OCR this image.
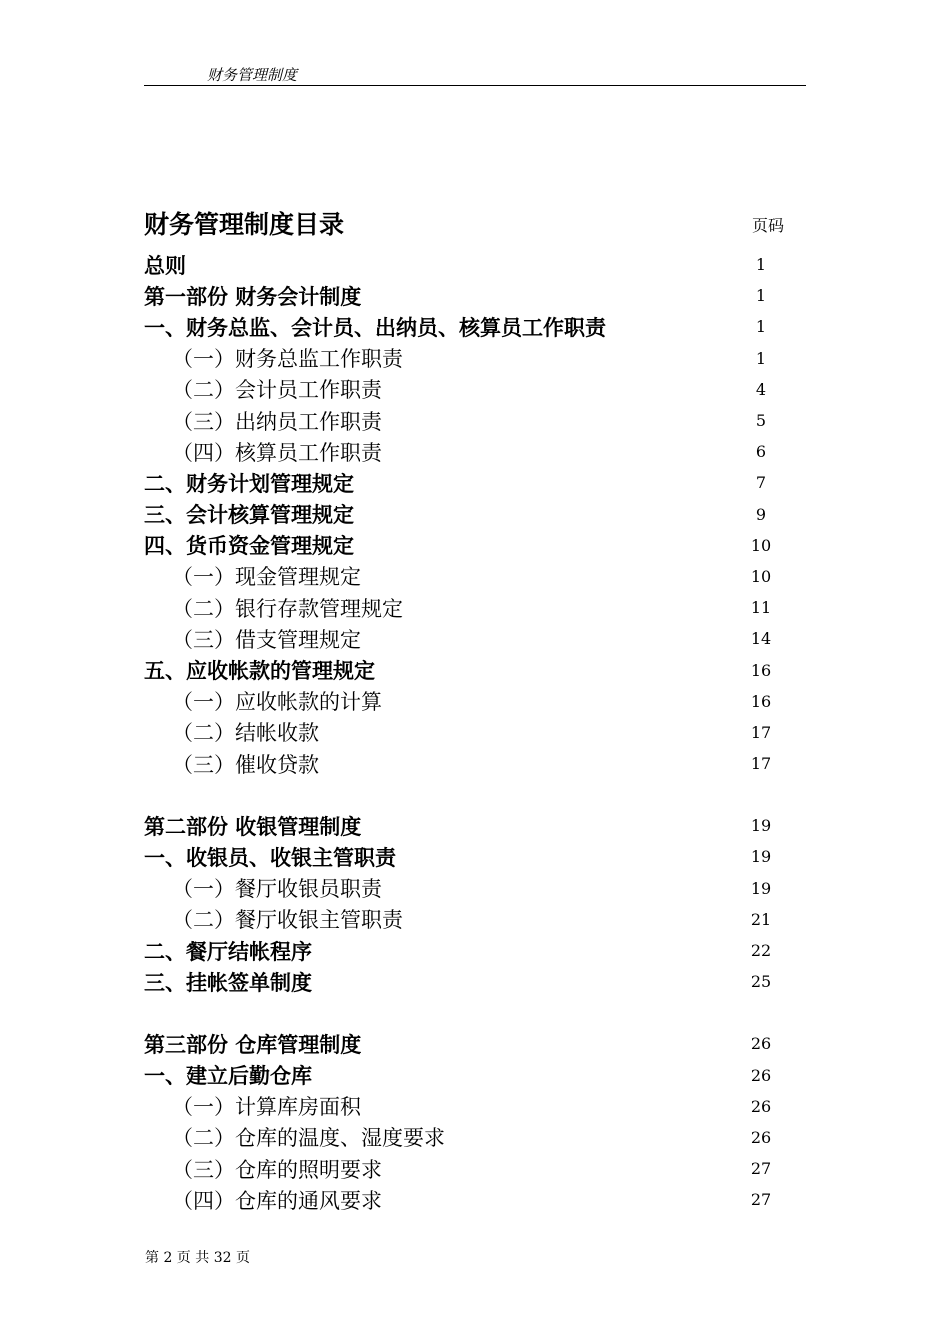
财务管理制度
财务管理制度目录	页码
总则	1
第一部份 财务会计制度	1
一、财务总监、会计员、出纳员、核算员工作职责	1
（一）财务总监工作职责	1
（二）会计员工作职责	4
（三）出纳员工作职责	5
（四）核算员工作职责	6
二、财务计划管理规定	7
三、会计核算管理规定	9
四、货币资金管理规定	10
（一）现金管理规定	10
（二）银行存款管理规定	11
（三）借支管理规定	14
五、应收帐款的管理规定	16
（一）应收帐款的计算	16
（二）结帐收款	17
（三）催收贷款	17
第二部份 收银管理制度	19
一、收银员、收银主管职责	19
（一）餐厅收银员职责	19
（二）餐厅收银主管职责	21
二、餐厅结帐程序	22
三、挂帐签单制度	25
第三部份 仓库管理制度	26
一、建立后勤仓库	26
（一）计算库房面积	26
（二）仓库的温度、湿度要求	26
（三）仓库的照明要求	27
（四）仓库的通风要求	27
第 2 页 共 32 页
